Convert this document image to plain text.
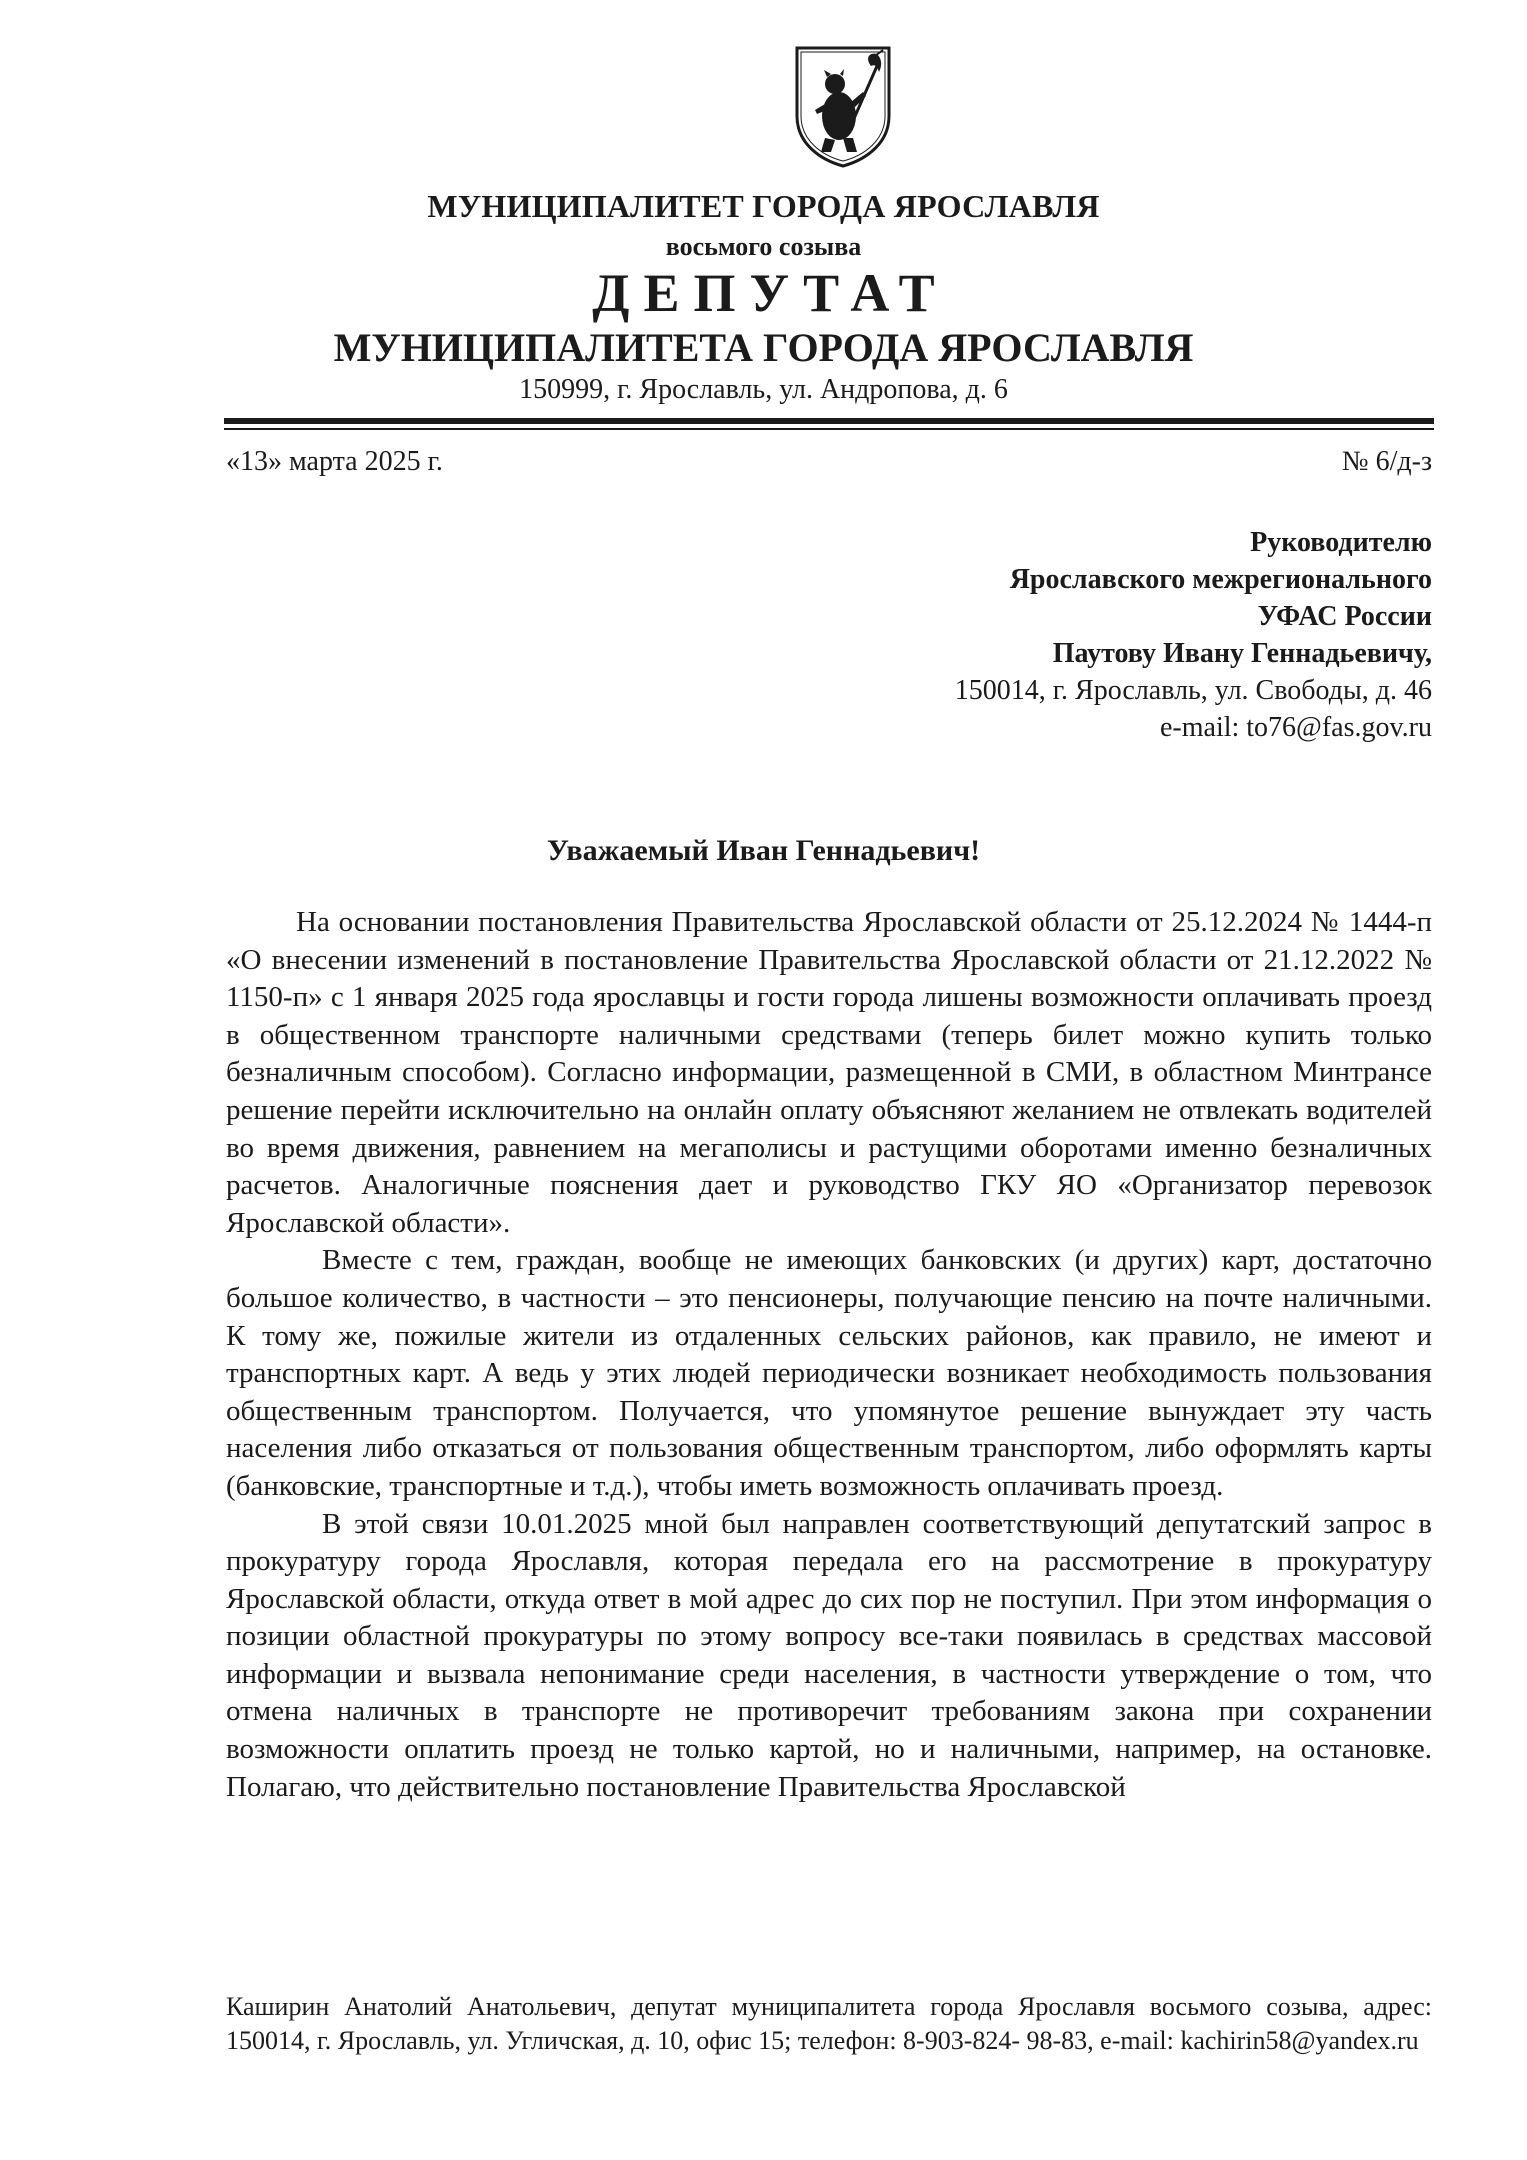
МУНИЦИПАЛИТЕТ ГОРОДА ЯРОСЛАВЛЯ
восьмого созыва
ДЕПУТАТ
МУНИЦИПАЛИТЕТА ГОРОДА ЯРОСЛАВЛЯ
150999, г. Ярославль, ул. Андропова, д. 6
«13» марта 2025 г.	№ 6/д-з
Руководителю
Ярославского межрегионального
УФАС России
Паутову Ивану Геннадьевичу,
150014, г. Ярославль, ул. Свободы, д. 46
e-mail: to76@fas.gov.ru
Уважаемый Иван Геннадьевич!

На основании постановления Правительства Ярославской области от 25.12.2024 № 1444-п «О внесении изменений в постановление Правительства Ярославской области от 21.12.2022 № 1150-п» с 1 января 2025 года ярославцы и гости города лишены возможности оплачивать проезд в общественном транспорте наличными средствами (теперь билет можно купить только безналичным способом). Согласно информации, размещенной в СМИ, в областном Минтрансе решение перейти исключительно на онлайн оплату объясняют желанием не отвлекать водителей во время движения, равнением на мегаполисы и растущими оборотами именно безналичных расчетов. Аналогичные пояснения дает и руководство ГКУ ЯО «Организатор перевозок Ярославской области».

Вместе с тем, граждан, вообще не имеющих банковских (и других) карт, достаточно большое количество, в частности – это пенсионеры, получающие пенсию на почте наличными. К тому же, пожилые жители из отдаленных сельских районов, как правило, не имеют и транспортных карт. А ведь у этих людей периодически возникает необходимость пользования общественным транспортом. Получается, что упомянутое решение вынуждает эту часть населения либо отказаться от пользования общественным транспортом, либо оформлять карты (банковские, транспортные и т.д.), чтобы иметь возможность оплачивать проезд.

В этой связи 10.01.2025 мной был направлен соответствующий депутатский запрос в прокуратуру города Ярославля, которая передала его на рассмотрение в прокуратуру Ярославской области, откуда ответ в мой адрес до сих пор не поступил. При этом информация о позиции областной прокуратуры по этому вопросу все-таки появилась в средствах массовой информации и вызвала непонимание среди населения, в частности утверждение о том, что отмена наличных в транспорте не противоречит требованиям закона при сохранении возможности оплатить проезд не только картой, но и наличными, например, на остановке. Полагаю, что действительно постановление Правительства Ярославской

Каширин Анатолий Анатольевич, депутат муниципалитета города Ярославля восьмого созыва, адрес: 150014, г. Ярославль, ул. Угличская, д. 10, офис 15; телефон: 8-903-824- 98-83, e-mail: kachirin58@yandex.ru
